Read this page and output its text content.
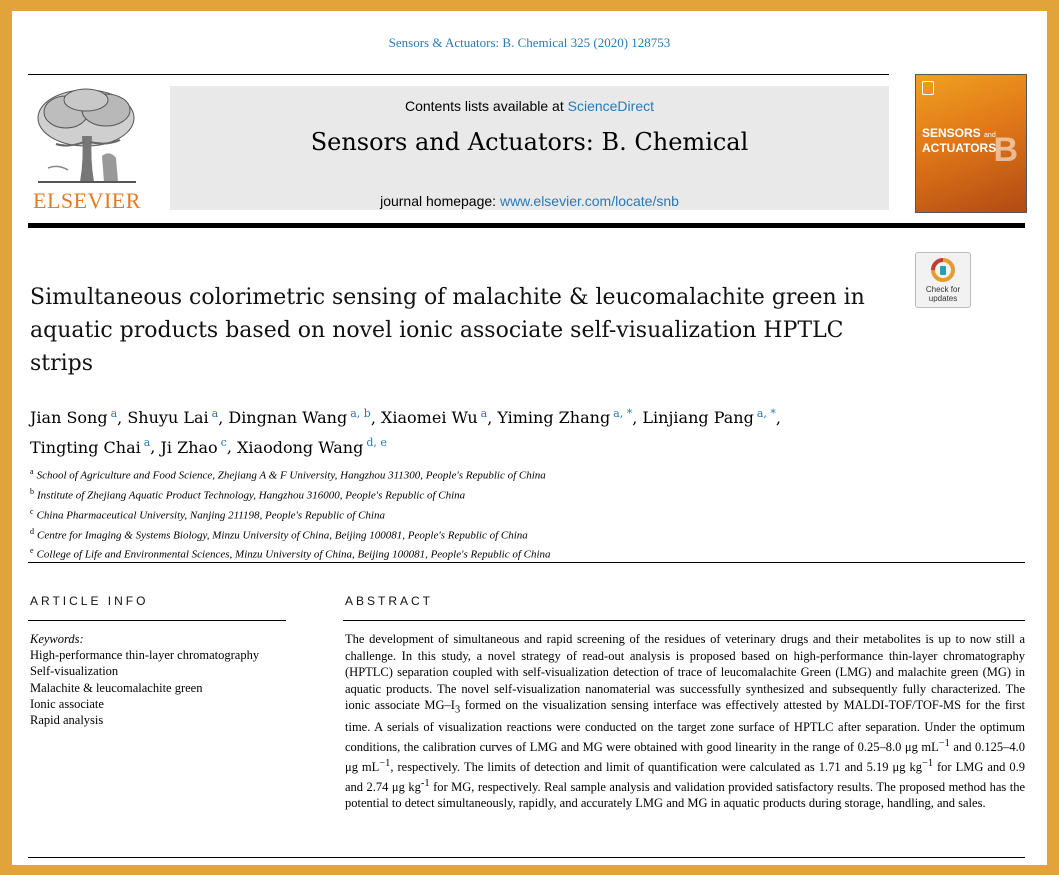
Sensors & Actuators: B. Chemical 325 (2020) 128753
ELSEVIER
Contents lists available at ScienceDirect
Sensors and Actuators: B. Chemical
journal homepage: www.elsevier.com/locate/snb
B
SENSORS and
ACTUATORS
Check for
updates
Simultaneous colorimetric sensing of malachite & leucomalachite green in aquatic products based on novel ionic associate self-visualization HPTLC strips
Jian Song $^a$, Shuyu Lai $^a$, Dingnan Wang $^{a, b}$, Xiaomei Wu $^a$, Yiming Zhang $^{a, *}$, Linjiang Pang $^{a, *}$,
Tingting Chai $^a$, Ji Zhao $^c$, Xiaodong Wang $^{d, e}$
$^a$ School of Agriculture and Food Science, Zhejiang A & F University, Hangzhou 311300, People's Republic of China
$^b$ Institute of Zhejiang Aquatic Product Technology, Hangzhou 316000, People's Republic of China
$^c$ China Pharmaceutical University, Nanjing 211198, People's Republic of China
$^d$ Centre for Imaging & Systems Biology, Minzu University of China, Beijing 100081, People's Republic of China
$^e$ College of Life and Environmental Sciences, Minzu University of China, Beijing 100081, People's Republic of China
ARTICLE INFO
Keywords:
High-performance thin-layer chromatography
Self-visualization
Malachite & leucomalachite green
Ionic associate
Rapid analysis
ABSTRACT
The development of simultaneous and rapid screening of the residues of veterinary drugs and their metabolites is up to now still a challenge. In this study, a novel strategy of read-out analysis is proposed based on high-performance thin-layer chromatography (HPTLC) separation coupled with self-visualization detection of trace of leucomalachite Green (LMG) and malachite green (MG) in aquatic products. The novel self-visualization nanomaterial was successfully synthesized and subsequently fully characterized. The ionic associate $MG-I_3$ formed on the visualization sensing interface was effectively attested by MALDI-TOF/TOF-MS for the first time. A serials of visualization reactions were conducted on the target zone surface of HPTLC after separation. Under the optimum conditions, the calibration curves of LMG and MG were obtained with good linearity in the range of 0.25–8.0 μg $mL^{-1}$ and 0.125–4.0 μg $mL^{-1}$, respectively. The limits of detection and limit of quantification were calculated as 1.71 and 5.19 μg $kg^{-1}$ for LMG and 0.9 and 2.74 μg $kg^{-1}$ for MG, respectively. Real sample analysis and validation provided satisfactory results. The proposed method has the potential to detect simultaneously, rapidly, and accurately LMG and MG in aquatic products during storage, handling, and sales.
